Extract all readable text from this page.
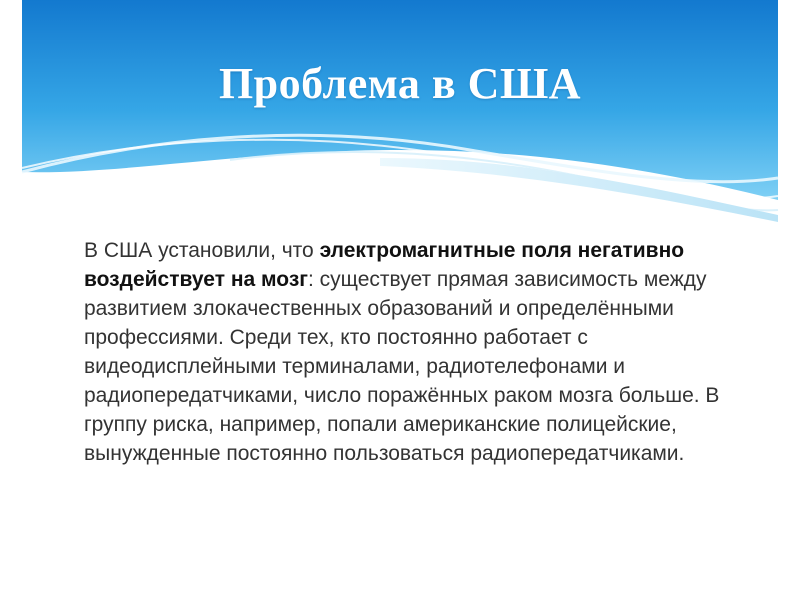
Проблема в США
В США установили, что электромагнитные поля негативно воздействует на мозг: существует прямая зависимость между развитием злокачественных образований и определёнными профессиями. Среди тех, кто постоянно работает с видеодисплейными терминалами, радиотелефонами и радиопередатчиками, число поражённых раком мозга больше. В группу риска, например, попали американские полицейские, вынужденные постоянно пользоваться радиопередатчиками.
